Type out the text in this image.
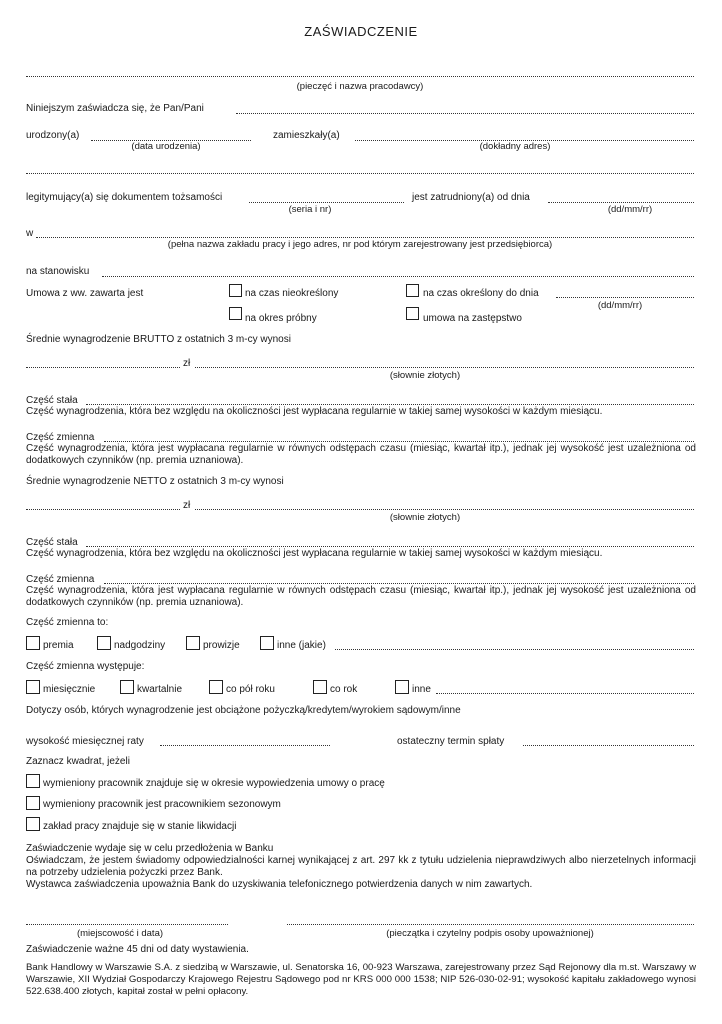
ZAŚWIADCZENIE
(pieczęć i nazwa pracodawcy)
Niniejszym zaświadcza się, że Pan/Pani
urodzony(a)
(data urodzenia)
zamieszkały(a)
(dokładny adres)
legitymujący(a) się dokumentem tożsamości
(seria i nr)
jest zatrudniony(a) od dnia
(dd/mm/rr)
w
(pełna nazwa zakładu pracy i jego adres, nr pod którym zarejestrowany jest przedsiębiorca)
na stanowisku
Umowa z ww. zawarta jest	na czas nieokreślony	na czas określony do dnia
(dd/mm/rr)
na okres próbny	umowa na zastępstwo
Średnie wynagrodzenie BRUTTO z ostatnich 3 m-cy wynosi
zł
(słownie złotych)
Część stała
Część wynagrodzenia, która bez względu na okoliczności jest wypłacana regularnie w takiej samej wysokości w każdym miesiącu.
Część zmienna
Część wynagrodzenia, która jest wypłacana regularnie w równych odstępach czasu (miesiąc, kwartał itp.), jednak jej wysokość jest uzależniona od dodatkowych czynników (np. premia uznaniowa).
Średnie wynagrodzenie NETTO z ostatnich 3 m-cy wynosi
zł
(słownie złotych)
Część stała
Część wynagrodzenia, która bez względu na okoliczności jest wypłacana regularnie w takiej samej wysokości w każdym miesiącu.
Część zmienna
Część wynagrodzenia, która jest wypłacana regularnie w równych odstępach czasu (miesiąc, kwartał itp.), jednak jej wysokość jest uzależniona od dodatkowych czynników (np. premia uznaniowa).
Część zmienna to:
premia	nadgodziny	prowizje	inne (jakie)
Część zmienna występuje:
miesięcznie	kwartalnie	co pół roku	co rok	inne
Dotyczy osób, których wynagrodzenie jest obciążone pożyczką/kredytem/wyrokiem sądowym/inne
wysokość miesięcznej raty	ostateczny termin spłaty
Zaznacz kwadrat, jeżeli
wymieniony pracownik znajduje się w okresie wypowiedzenia umowy o pracę
wymieniony pracownik jest pracownikiem sezonowym
zakład pracy znajduje się w stanie likwidacji
Zaświadczenie wydaje się w celu przedłożenia w Banku
Oświadczam, że jestem świadomy odpowiedzialności karnej wynikającej z art. 297 kk z tytułu udzielenia nieprawdziwych albo nierzetelnych informacji na potrzeby udzielenia pożyczki przez Bank.
Wystawca zaświadczenia upoważnia Bank do uzyskiwania telefonicznego potwierdzenia danych w nim zawartych.
(miejscowość i data)	(pieczątka i czytelny podpis osoby upoważnionej)
Zaświadczenie ważne 45 dni od daty wystawienia.
Bank Handlowy w Warszawie S.A. z siedzibą w Warszawie, ul. Senatorska 16, 00-923 Warszawa, zarejestrowany przez Sąd Rejonowy dla m.st. Warszawy w Warszawie, XII Wydział Gospodarczy Krajowego Rejestru Sądowego pod nr KRS 000 000 1538; NIP 526-030-02-91; wysokość kapitału zakładowego wynosi 522.638.400 złotych, kapitał został w pełni opłacony.
